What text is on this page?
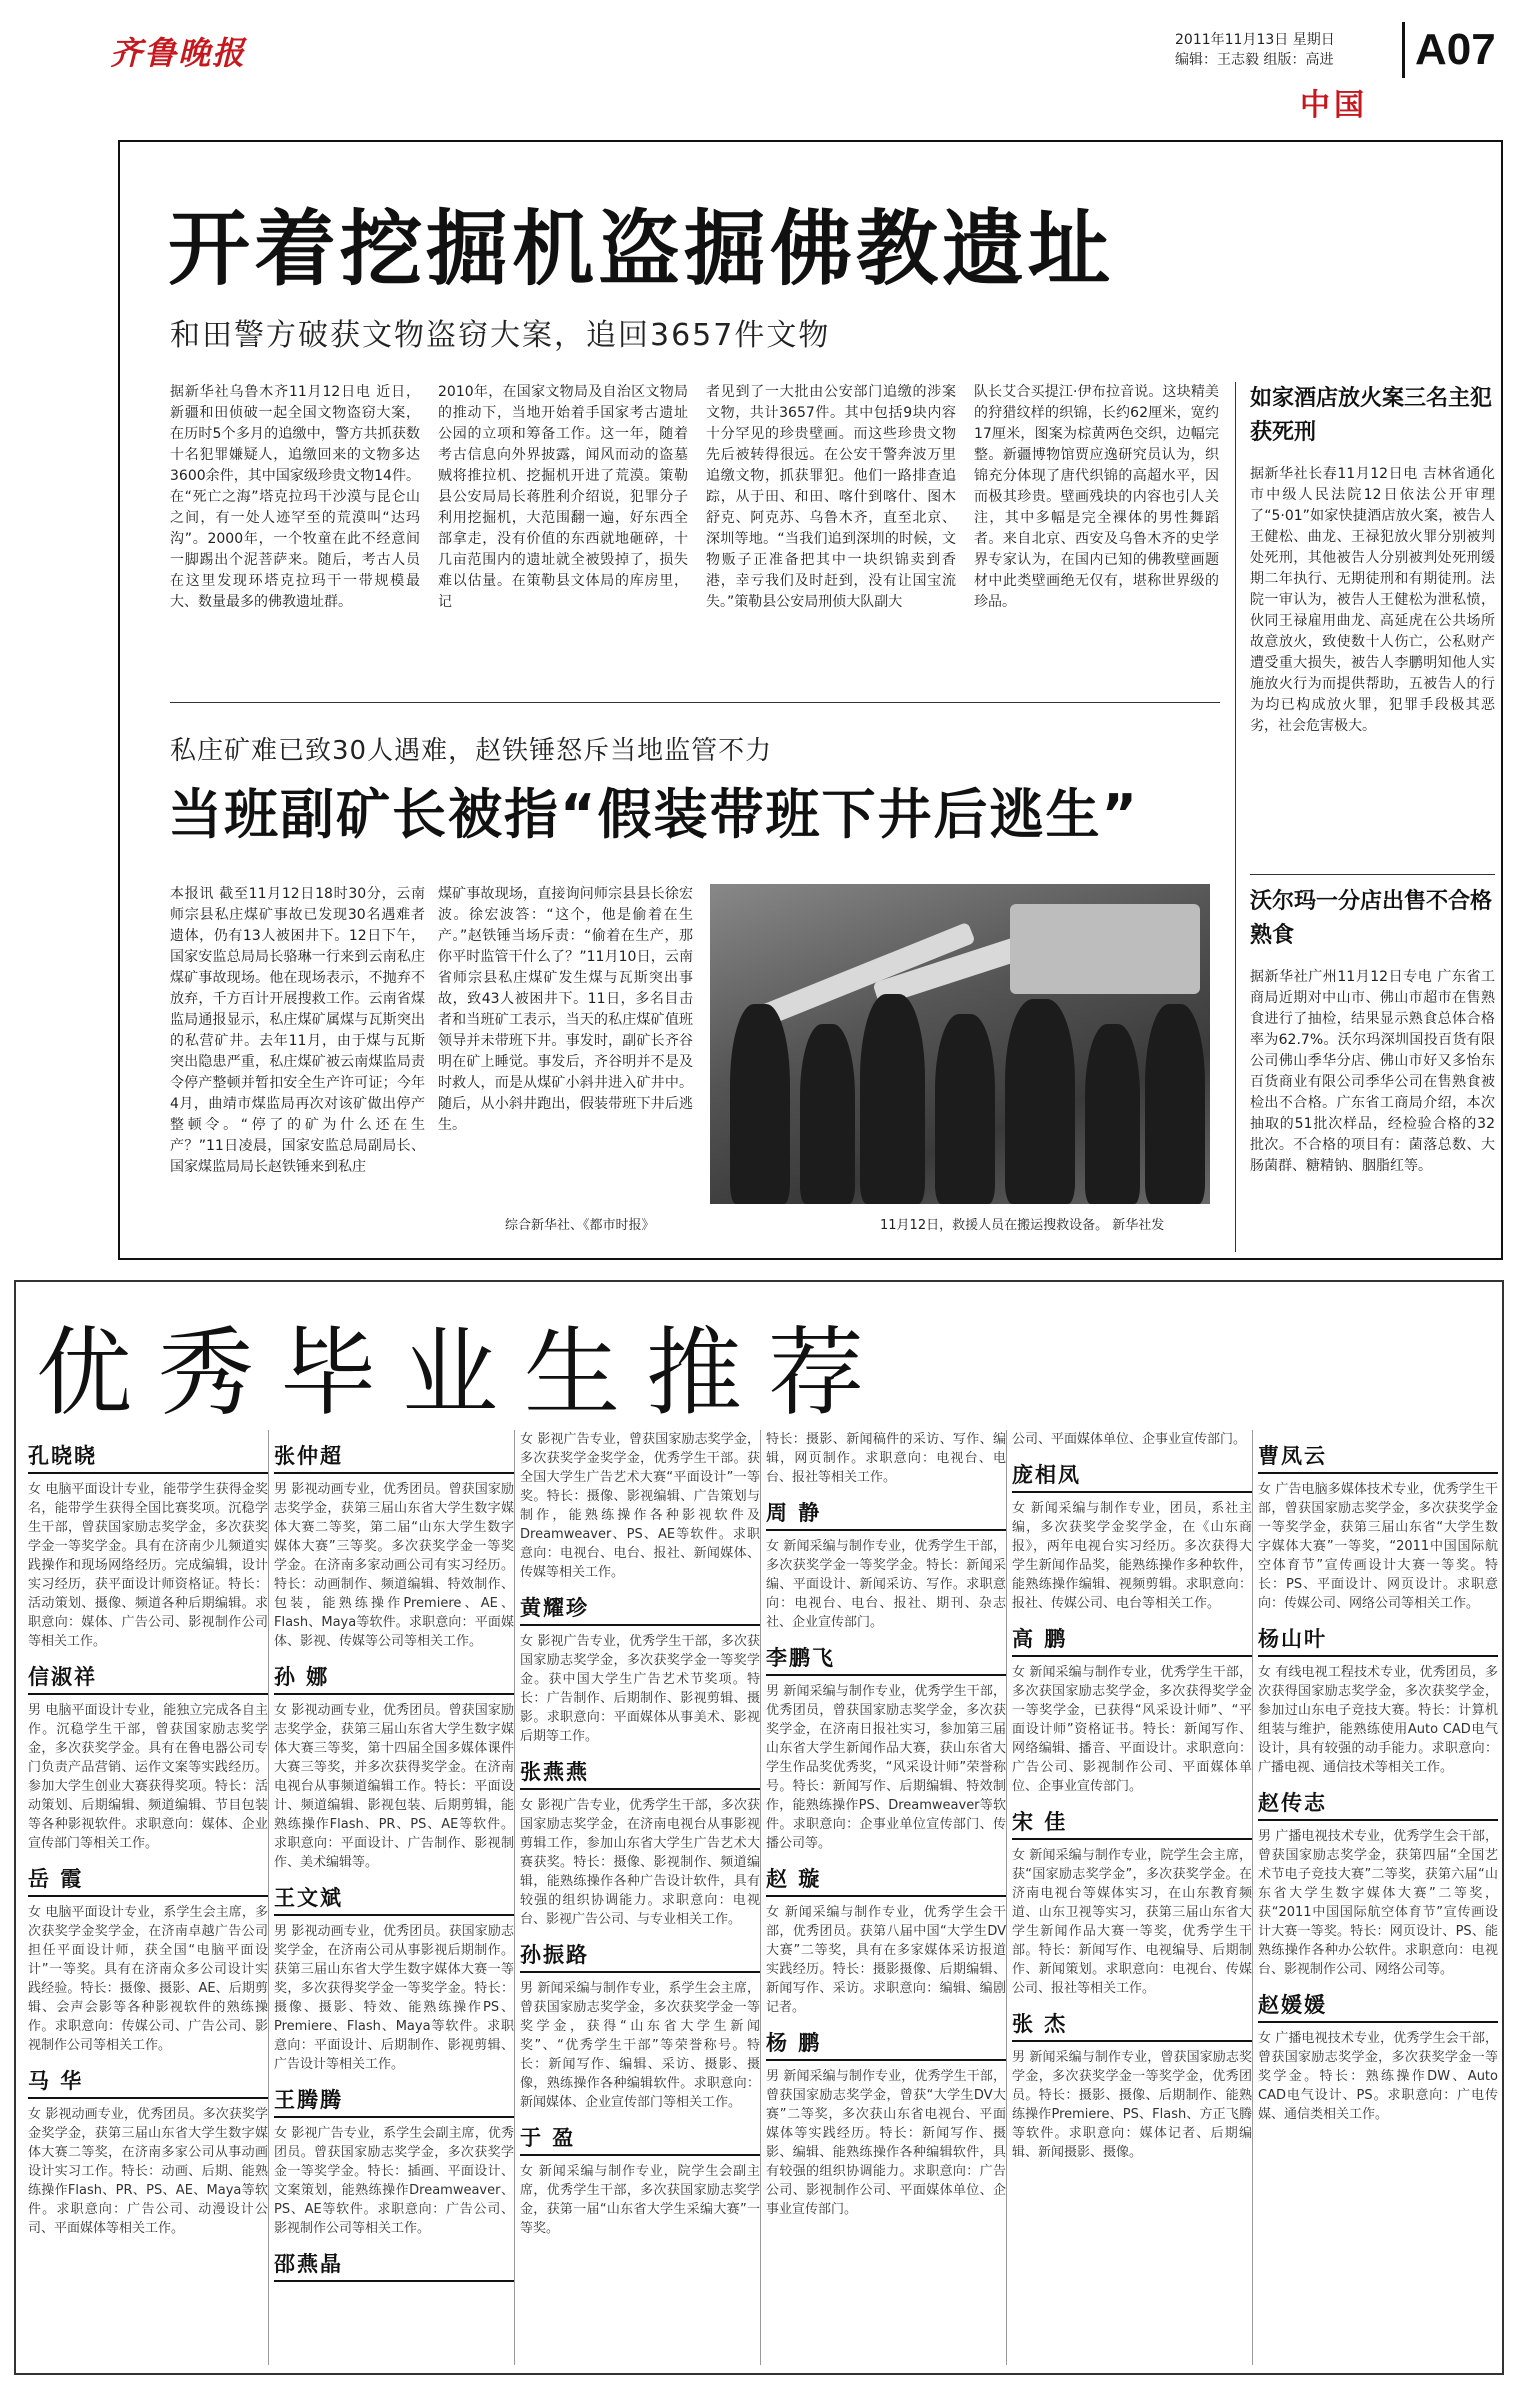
齐鲁晚报	2011年11月13日 星期日
编辑：王志毅 组版：高进 A07
中国
开着挖掘机盗掘佛教遗址
和田警方破获文物盗窃大案，追回3657件文物
据新华社乌鲁木齐11月12日电 近日，新疆和田侦破一起全国文物盗窃大案，在历时5个多月的追缴中，警方共抓获数十名犯罪嫌疑人，追缴回来的文物多达3600余件，其中国家级珍贵文物14件。在“死亡之海”塔克拉玛干沙漠与昆仑山之间，有一处人迹罕至的荒漠叫“达玛沟”。2000年，一个牧童在此不经意间一脚踢出个泥菩萨来。随后，考古人员在这里发现环塔克拉玛干一带规模最大、数量最多的佛教遗址群。
2010年，在国家文物局及自治区文物局的推动下，当地开始着手国家考古遗址公园的立项和筹备工作。这一年，随着考古信息向外界披露，闻风而动的盗墓贼将推拉机、挖掘机开进了荒漠。策勒县公安局局长蒋胜利介绍说，犯罪分子利用挖掘机，大范围翻一遍，好东西全部拿走，没有价值的东西就地砸碎，十几亩范围内的遗址就全被毁掉了，损失难以估量。在策勒县文体局的库房里，记
者见到了一大批由公安部门追缴的涉案文物，共计3657件。其中包括9块内容十分罕见的珍贵壁画。而这些珍贵文物先后被转得很远。在公安干警奔波万里追缴文物，抓获罪犯。他们一路排查追踪，从于田、和田、喀什到喀什、图木舒克、阿克苏、乌鲁木齐，直至北京、深圳等地。“当我们追到深圳的时候，文物贩子正准备把其中一块织锦卖到香港，幸亏我们及时赶到，没有让国宝流失。”策勒县公安局刑侦大队副大
队长艾合买提江·伊布拉音说。这块精美的狩猎纹样的织锦，长约62厘米，宽约17厘米，图案为棕黄两色交织，边幅完整。新疆博物馆贾应逸研究员认为，织锦充分体现了唐代织锦的高超水平，因而极其珍贵。壁画残块的内容也引人关注，其中多幅是完全裸体的男性舞蹈者。来自北京、西安及乌鲁木齐的史学界专家认为，在国内已知的佛教壁画题材中此类壁画绝无仅有，堪称世界级的珍品。
私庄矿难已致30人遇难，赵铁锤怒斥当地监管不力
当班副矿长被指“假装带班下井后逃生”
本报讯 截至11月12日18时30分，云南师宗县私庄煤矿事故已发现30名遇难者遗体，仍有13人被困井下。12日下午，国家安监总局局长骆琳一行来到云南私庄煤矿事故现场。他在现场表示，不抛弃不放弃，千方百计开展搜救工作。云南省煤监局通报显示，私庄煤矿属煤与瓦斯突出的私营矿井。去年11月，由于煤与瓦斯突出隐患严重，私庄煤矿被云南煤监局责令停产整顿并暂扣安全生产许可证；今年4月，曲靖市煤监局再次对该矿做出停产整顿令。“停了的矿为什么还在生产？”11日凌晨，国家安监总局副局长、国家煤监局局长赵铁锤来到私庄
煤矿事故现场，直接询问师宗县县长徐宏波。徐宏波答：“这个，他是偷着在生产。”赵铁锤当场斥责：“偷着在生产，那你平时监管干什么了？”11月10日，云南省师宗县私庄煤矿发生煤与瓦斯突出事故，致43人被困井下。11日，多名目击者和当班矿工表示，当天的私庄煤矿值班领导并未带班下井。事发时，副矿长齐谷明在矿上睡觉。事发后，齐谷明并不是及时救人，而是从煤矿小斜井进入矿井中。随后，从小斜井跑出，假装带班下井后逃生。
综合新华社、《都市时报》	11月12日，救援人员在搬运搜救设备。 新华社发
如家酒店放火案三名主犯获死刑
据新华社长春11月12日电 吉林省通化市中级人民法院12日依法公开审理了“5·01”如家快捷酒店放火案，被告人王健松、曲龙、王禄犯放火罪分别被判处死刑，其他被告人分别被判处死刑缓期二年执行、无期徒刑和有期徒刑。法院一审认为，被告人王健松为泄私愤，伙同王禄雇用曲龙、高延虎在公共场所故意放火，致使数十人伤亡，公私财产遭受重大损失，被告人李鹏明知他人实施放火行为而提供帮助，五被告人的行为均已构成放火罪，犯罪手段极其恶劣，社会危害极大。
沃尔玛一分店出售不合格熟食
据新华社广州11月12日专电 广东省工商局近期对中山市、佛山市超市在售熟食进行了抽检，结果显示熟食总体合格率为62.7%。沃尔玛深圳国投百货有限公司佛山季华分店、佛山市好又多怡东百货商业有限公司季华公司在售熟食被检出不合格。广东省工商局介绍，本次抽取的51批次样品，经检验合格的32批次。不合格的项目有：菌落总数、大肠菌群、糖精钠、胭脂红等。
优秀毕业生推荐
孔晓晓
女 电脑平面设计专业，能带学生获得金奖名，能带学生获得全国比赛奖项。沉稳学生干部，曾获国家励志奖学金，多次获奖学金一等奖学金。具有在济南少儿频道实践操作和现场网络经历。完成编辑，设计实习经历，获平面设计师资格证。特长：活动策划、摄像、频道各种后期编辑。求职意向：媒体、广告公司、影视制作公司等相关工作。
信淑祥
男 电脑平面设计专业，能独立完成各自主作。沉稳学生干部，曾获国家励志奖学金，多次获奖学金。具有在鲁电器公司专门负责产品营销、运作文案等实践经历。参加大学生创业大赛获得奖项。特长：活动策划、后期编辑、频道编辑、节目包装等各种影视软件。求职意向：媒体、企业宣传部门等相关工作。
岳 霞
女 电脑平面设计专业，系学生会主席，多次获奖学金奖学金，在济南卓越广告公司担任平面设计师，获全国“电脑平面设计”一等奖。具有在济南众多公司设计实践经验。特长：摄像、摄影、AE、后期剪辑、会声会影等各种影视软件的熟练操作。求职意向：传媒公司、广告公司、影视制作公司等相关工作。
马 华
女 影视动画专业，优秀团员。多次获奖学金奖学金，获第三届山东省大学生数字媒体大赛二等奖，在济南多家公司从事动画设计实习工作。特长：动画、后期、能熟练操作Flash、PR、PS、AE、Maya等软件。求职意向：广告公司、动漫设计公司、平面媒体等相关工作。
张仲超
男 影视动画专业，优秀团员。曾获国家励志奖学金，获第三届山东省大学生数字媒体大赛二等奖，第二届“山东大学生数字媒体大赛”三等奖。多次获奖学金一等奖学金。在济南多家动画公司有实习经历。特长：动画制作、频道编辑、特效制作、包装，能熟练操作Premiere、AE、Flash、Maya等软件。求职意向：平面媒体、影视、传媒等公司等相关工作。
孙 娜
女 影视动画专业，优秀团员。曾获国家励志奖学金，获第三届山东省大学生数字媒体大赛三等奖，第十四届全国多媒体课件大赛三等奖，并多次获得奖学金。在济南电视台从事频道编辑工作。特长：平面设计、频道编辑、影视包装、后期剪辑，能熟练操作Flash、PR、PS、AE等软件。求职意向：平面设计、广告制作、影视制作、美术编辑等。
王文斌
男 影视动画专业，优秀团员。获国家励志奖学金，在济南公司从事影视后期制作。获第三届山东省大学生数字媒体大赛一等奖，多次获得奖学金一等奖学金。特长：摄像、摄影、特效、能熟练操作PS、Premiere、Flash、Maya等软件。求职意向：平面设计、后期制作、影视剪辑、广告设计等相关工作。
王腾腾
女 影视广告专业，系学生会副主席，优秀团员。曾获国家励志奖学金，多次获奖学金一等奖学金。特长：插画、平面设计、文案策划，能熟练操作Dreamweaver、PS、AE等软件。求职意向：广告公司、影视制作公司等相关工作。
邵燕晶
女 影视广告专业，曾获国家励志奖学金，多次获奖学金奖学金，优秀学生干部。获全国大学生广告艺术大赛“平面设计”一等奖。特长：摄像、影视编辑、广告策划与制作，能熟练操作各种影视软件及Dreamweaver、PS、AE等软件。求职意向：电视台、电台、报社、新闻媒体、传媒等相关工作。
黄耀珍
女 影视广告专业，优秀学生干部，多次获国家励志奖学金，多次获奖学金一等奖学金。获中国大学生广告艺术节奖项。特长：广告制作、后期制作、影视剪辑、摄影。求职意向：平面媒体从事美术、影视后期等工作。
张燕燕
女 影视广告专业，优秀学生干部，多次获国家励志奖学金，在济南电视台从事影视剪辑工作，参加山东省大学生广告艺术大赛获奖。特长：摄像、影视制作、频道编辑，能熟练操作各种广告设计软件，具有较强的组织协调能力。求职意向：电视台、影视广告公司、与专业相关工作。
孙振路
男 新闻采编与制作专业，系学生会主席，曾获国家励志奖学金，多次获奖学金一等奖学金，获得“山东省大学生新闻奖”、“优秀学生干部”等荣誉称号。特长：新闻写作、编辑、采访、摄影、摄像，熟练操作各种编辑软件。求职意向：新闻媒体、企业宣传部门等相关工作。
于 盈
女 新闻采编与制作专业，院学生会副主席，优秀学生干部，多次获国家励志奖学金，获第一届“山东省大学生采编大赛”一等奖。
特长：摄影、新闻稿件的采访、写作、编辑，网页制作。求职意向：电视台、电台、报社等相关工作。
周 静
女 新闻采编与制作专业，优秀学生干部，多次获奖学金一等奖学金。特长：新闻采编、平面设计、新闻采访、写作。求职意向：电视台、电台、报社、期刊、杂志社、企业宣传部门。
李鹏飞
男 新闻采编与制作专业，优秀学生干部，优秀团员，曾获国家励志奖学金，多次获奖学金，在济南日报社实习，参加第三届山东省大学生新闻作品大赛，获山东省大学生作品奖优秀奖，“风采设计师”荣誉称号。特长：新闻写作、后期编辑、特效制作，能熟练操作PS、Dreamweaver等软件。求职意向：企事业单位宣传部门、传播公司等。
赵 璇
女 新闻采编与制作专业，优秀学生会干部，优秀团员。获第八届中国“大学生DV大赛”二等奖，具有在多家媒体采访报道实践经历。特长：摄影摄像、后期编辑、新闻写作、采访。求职意向：编辑、编剧记者。
杨 鹏
男 新闻采编与制作专业，优秀学生干部，曾获国家励志奖学金，曾获“大学生DV大赛”二等奖，多次获山东省电视台、平面媒体等实践经历。特长：新闻写作、摄影、编辑、能熟练操作各种编辑软件，具有较强的组织协调能力。求职意向：广告公司、影视制作公司、平面媒体单位、企事业宣传部门。
公司、平面媒体单位、企事业宣传部门。
庞相凤
女 新闻采编与制作专业，团员，系社主编，多次获奖学金奖学金，在《山东商报》，两年电视台实习经历。多次获得大学生新闻作品奖，能熟练操作多种软件，能熟练操作编辑、视频剪辑。求职意向：报社、传媒公司、电台等相关工作。
高 鹏
女 新闻采编与制作专业，优秀学生干部，多次获国家励志奖学金，多次获得奖学金一等奖学金，已获得“风采设计师”、“平面设计师”资格证书。特长：新闻写作、网络编辑、播音、平面设计。求职意向：广告公司、影视制作公司、平面媒体单位、企事业宣传部门。
宋 佳
女 新闻采编与制作专业，院学生会主席，获“国家励志奖学金”，多次获奖学金。在济南电视台等媒体实习，在山东教育频道、山东卫视等实习，获第三届山东省大学生新闻作品大赛一等奖，优秀学生干部。特长：新闻写作、电视编导、后期制作、新闻策划。求职意向：电视台、传媒公司、报社等相关工作。
张 杰
男 新闻采编与制作专业，曾获国家励志奖学金，多次获奖学金一等奖学金，优秀团员。特长：摄影、摄像、后期制作、能熟练操作Premiere、PS、Flash、方正飞腾等软件。求职意向：媒体记者、后期编辑、新闻摄影、摄像。
曹凤云
女 广告电脑多媒体技术专业，优秀学生干部，曾获国家励志奖学金，多次获奖学金一等奖学金，获第三届山东省“大学生数字媒体大赛”一等奖，“2011中国国际航空体育节”宣传画设计大赛一等奖。特长：PS、平面设计、网页设计。求职意向：传媒公司、网络公司等相关工作。
杨山叶
女 有线电视工程技术专业，优秀团员，多次获得国家励志奖学金，多次获奖学金，参加过山东电子竞技大赛。特长：计算机组装与维护，能熟练使用Auto CAD电气设计，具有较强的动手能力。求职意向：广播电视、通信技术等相关工作。
赵传志
男 广播电视技术专业，优秀学生会干部，曾获国家励志奖学金，获第四届“全国艺术节电子竞技大赛”二等奖，获第六届“山东省大学生数字媒体大赛”二等奖，获“2011中国国际航空体育节”宣传画设计大赛一等奖。特长：网页设计、PS、能熟练操作各种办公软件。求职意向：电视台、影视制作公司、网络公司等。
赵媛媛
女 广播电视技术专业，优秀学生会干部，曾获国家励志奖学金，多次获奖学金一等奖学金。特长：熟练操作DW、Auto CAD电气设计、PS。求职意向：广电传媒、通信类相关工作。
